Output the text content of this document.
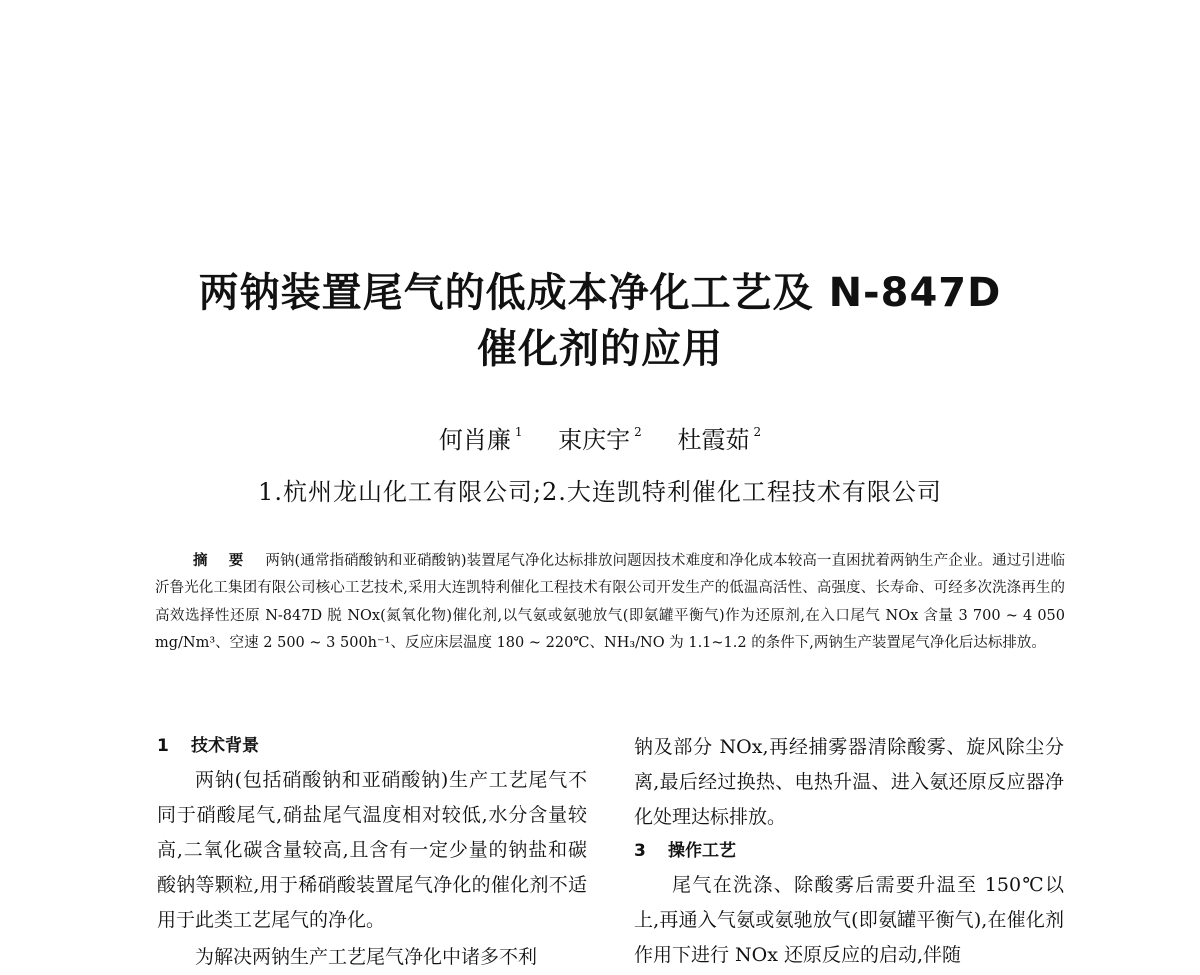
两钠装置尾气的低成本净化工艺及 N-847D
催化剂的应用
何肖廉 $^1$ 束庆宇 $^2$ 杜霞茹 $^2$
1.杭州龙山化工有限公司;2.大连凯特利催化工程技术有限公司
摘 要 两钠(通常指硝酸钠和亚硝酸钠)装置尾气净化达标排放问题因技术难度和净化成本较高一直困扰着两钠生产企业。通过引进临沂鲁光化工集团有限公司核心工艺技术,采用大连凯特利催化工程技术有限公司开发生产的低温高活性、高强度、长寿命、可经多次洗涤再生的高效选择性还原 N-847D 脱 NOx(氮氧化物)催化剂,以气氨或氨驰放气(即氨罐平衡气)作为还原剂,在入口尾气 NOx 含量 3 700 ~ 4 050 mg/Nm³、空速 2 500 ~ 3 500h⁻¹、反应床层温度 180 ~ 220℃、NH₃/NO 为 1.1~1.2 的条件下,两钠生产装置尾气净化后达标排放。
1 技术背景

两钠(包括硝酸钠和亚硝酸钠)生产工艺尾气不同于硝酸尾气,硝盐尾气温度相对较低,水分含量较高,二氧化碳含量较高,且含有一定少量的钠盐和碳酸钠等颗粒,用于稀硝酸装置尾气净化的催化剂不适用于此类工艺尾气的净化。

为解决两钠生产工艺尾气净化中诸多不利

钠及部分 NOx,再经捕雾器清除酸雾、旋风除尘分离,最后经过换热、电热升温、进入氨还原反应器净化处理达标排放。

3 操作工艺

尾气在洗涤、除酸雾后需要升温至 150℃以上,再通入气氨或氨驰放气(即氨罐平衡气),在催化剂作用下进行 NOx 还原反应的启动,伴随
